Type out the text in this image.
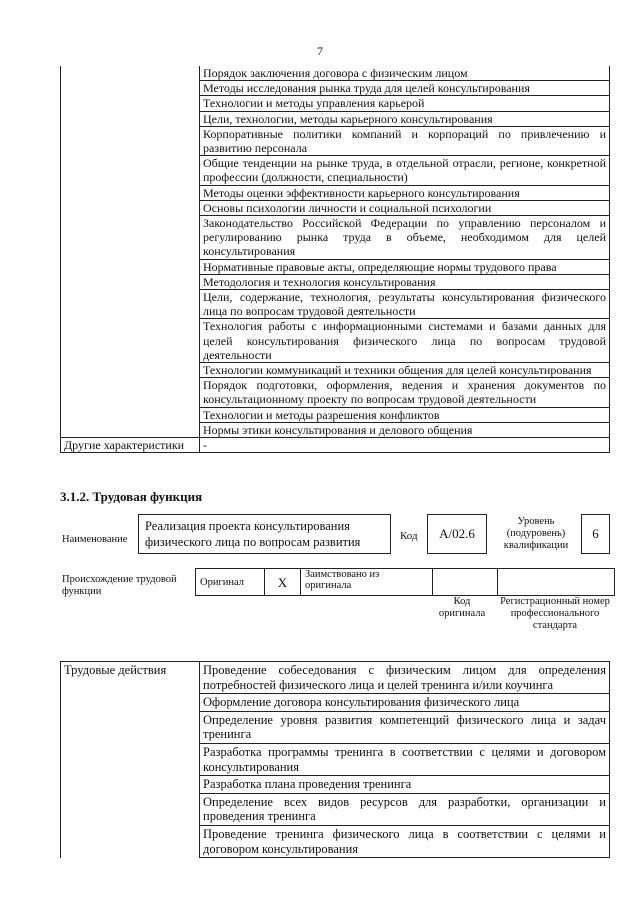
7
	Порядок заключения договора с физическим лицом
	Методы исследования рынка труда для целей консультирования
	Технологии и методы управления карьерой
	Цели, технологии, методы карьерного консультирования
	Корпоративные политики компаний и корпораций по привлечению и развитию персонала
	Общие тенденции на рынке труда, в отдельной отрасли, регионе, конкретной профессии (должности, специальности)
	Методы оценки эффективности карьерного консультирования
	Основы психологии личности и социальной психологии
	Законодательство Российской Федерации по управлению персоналом и регулированию рынка труда в объеме, необходимом для целей консультирования
	Нормативные правовые акты, определяющие нормы трудового права
	Методология и технология консультирования
	Цели, содержание, технология, результаты консультирования физического лица по вопросам трудовой деятельности
	Технология работы с информационными системами и базами данных для целей консультирования физического лица по вопросам трудовой деятельности
	Технологии коммуникаций и техники общения для целей консультирования
	Порядок подготовки, оформления, ведения и хранения документов по консультационному проекту по вопросам трудовой деятельности
	Технологии и методы разрешения конфликтов
	Нормы этики консультирования и делового общения
Другие характеристики	-
3.1.2. Трудовая функция
Наименование
Реализация проекта консультирования физического лица по вопросам развития	Код	A/02.6
Уровень (подуровень) квалификации
6
Происхождение трудовой функции
Оригинал	Х	Заимствовано из оригинала		
Код оригинала
Регистрационный номер профессионального стандарта
Трудовые действия	Проведение собеседования с физическим лицом для определения потребностей физического лица и целей тренинга и/или коучинга
Оформление договора консультирования физического лица
Определение уровня развития компетенций физического лица и задач тренинга
Разработка программы тренинга в соответствии с целями и договором консультирования
Разработка плана проведения тренинга
Определение всех видов ресурсов для разработки, организации и проведения тренинга
Проведение тренинга физического лица в соответствии с целями и договором консультирования
